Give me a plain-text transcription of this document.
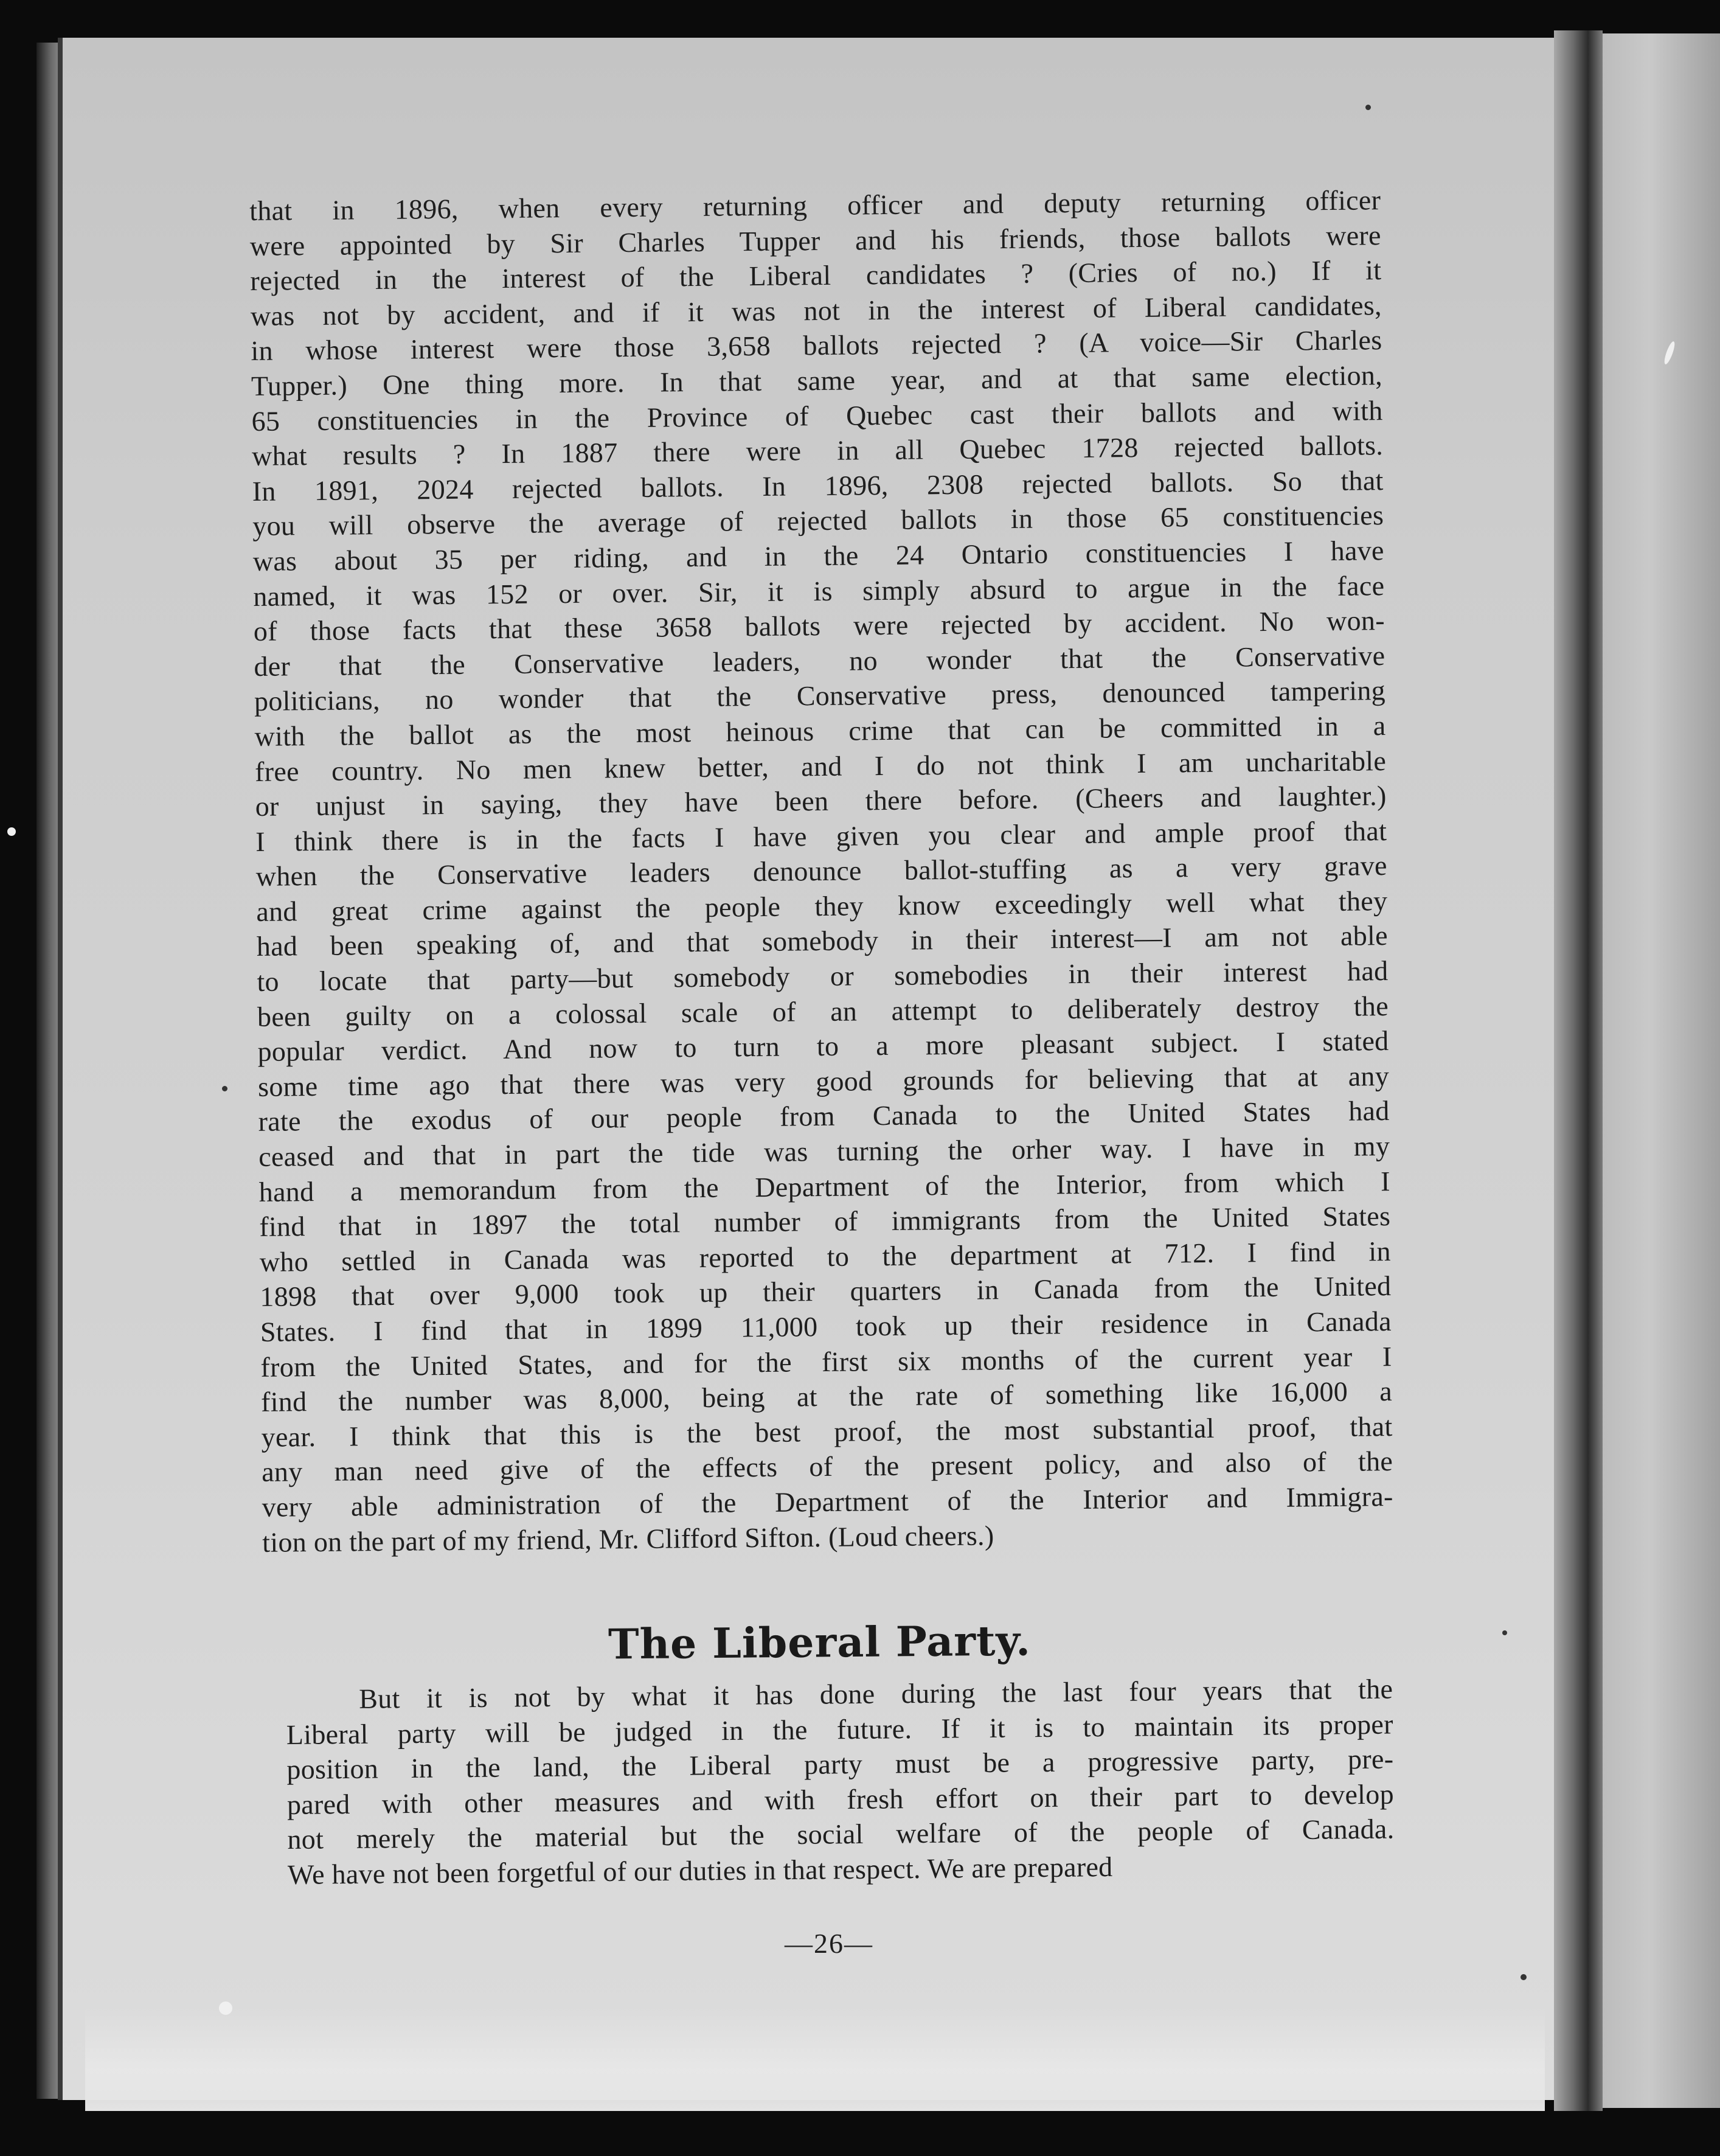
that in 1896, when every returning officer and deputy returning officer
were appointed by Sir Charles Tupper and his friends, those ballots were
rejected in the interest of the Liberal candidates ? (Cries of no.) If it
was not by accident, and if it was not in the interest of Liberal candidates,
in whose interest were those 3,658 ballots rejected ? (A voice—Sir Charles
Tupper.) One thing more. In that same year, and at that same election,
65 constituencies in the Province of Quebec cast their ballots and with
what results ? In 1887 there were in all Quebec 1728 rejected ballots.
In 1891, 2024 rejected ballots. In 1896, 2308 rejected ballots. So that
you will observe the average of rejected ballots in those 65 constituencies
was about 35 per riding, and in the 24 Ontario constituencies I have
named, it was 152 or over. Sir, it is simply absurd to argue in the face
of those facts that these 3658 ballots were rejected by accident. No won-
der that the Conservative leaders, no wonder that the Conservative
politicians, no wonder that the Conservative press, denounced tampering
with the ballot as the most heinous crime that can be committed in a
free country. No men knew better, and I do not think I am uncharitable
or unjust in saying, they have been there before. (Cheers and laughter.)
I think there is in the facts I have given you clear and ample proof that
when the Conservative leaders denounce ballot-stuffing as a very grave
and great crime against the people they know exceedingly well what they
had been speaking of, and that somebody in their interest—I am not able
to locate that party—but somebody or somebodies in their interest had
been guilty on a colossal scale of an attempt to deliberately destroy the
popular verdict. And now to turn to a more pleasant subject. I stated
some time ago that there was very good grounds for believing that at any
rate the exodus of our people from Canada to the United States had
ceased and that in part the tide was turning the orher way. I have in my
hand a memorandum from the Department of the Interior, from which I
find that in 1897 the total number of immigrants from the United States
who settled in Canada was reported to the department at 712. I find in
1898 that over 9,000 took up their quarters in Canada from the United
States. I find that in 1899 11,000 took up their residence in Canada
from the United States, and for the first six months of the current year I
find the number was 8,000, being at the rate of something like 16,000 a
year. I think that this is the best proof, the most substantial proof, that
any man need give of the effects of the present policy, and also of the
very able administration of the Department of the Interior and Immigra-
tion on the part of my friend, Mr. Clifford Sifton. (Loud cheers.)
The Liberal Party.
But it is not by what it has done during the last four years that the
Liberal party will be judged in the future. If it is to maintain its proper
position in the land, the Liberal party must be a progressive party, pre-
pared with other measures and with fresh effort on their part to develop
not merely the material but the social welfare of the people of Canada.
We have not been forgetful of our duties in that respect. We are prepared
—26—
